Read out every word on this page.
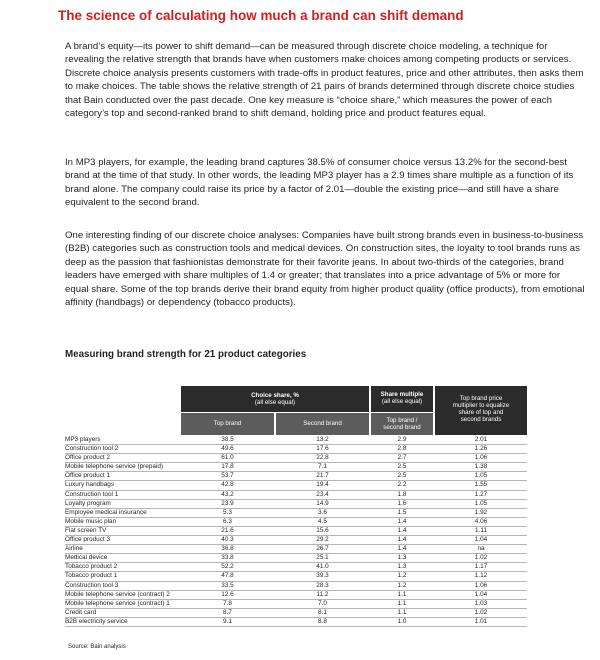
The science of calculating how much a brand can shift demand

A brand’s equity—its power to shift demand—can be measured through discrete choice modeling, a technique for revealing the relative strength that brands have when customers make choices among competing products or services. Discrete choice analysis presents customers with trade-offs in product features, price and other attributes, then asks them to make choices. The table shows the relative strength of 21 pairs of brands determined through discrete choice studies that Bain conducted over the past decade. One key measure is “choice share,” which measures the power of each category’s top and second-ranked brand to shift demand, holding price and product features equal.

In MP3 players, for example, the leading brand captures 38.5% of consumer choice versus 13.2% for the second-best brand at the time of that study. In other words, the leading MP3 player has a 2.9 times share multiple as a function of its brand alone. The company could raise its price by a factor of 2.01—double the existing price—and still have a share equivalent to the second brand.

One interesting finding of our discrete choice analyses: Companies have built strong brands even in business-to-business (B2B) categories such as construction tools and medical devices. On construction sites, the loyalty to tool brands runs as deep as the passion that fashionistas demonstrate for their favorite jeans. In about two-thirds of the categories, brand leaders have emerged with share multiples of 1.4 or greater; that translates into a price advantage of 5% or more for equal share. Some of the top brands derive their brand equity from higher product quality (office products), from emotional affinity (handbags) or dependency (tobacco products).

Measuring brand strength for 21 product categories
Choice share, %
(all else equal)
Top brand	Second brand
Share multiple
(all else equal)
Top brand /
second brand
Top brand price
multiplier to equalize
share of top and
second brands
MP3 players	38.5	13.2	2.9	2.01
Construction tool 2	49.6	17.6	2.8	1.26
Office product 2	61.0	22.8	2.7	1.06
Mobile telephone service (prepaid)	17.8	7.1	2.5	1.38
Office product 1	53.7	21.7	2.5	1.05
Luxury handbags	42.8	19.4	2.2	1.55
Construction tool 1	43.2	23.4	1.8	1.27
Loyalty program	23.9	14.9	1.6	1.05
Employee medical insurance	5.3	3.6	1.5	1.92
Mobile music plan	6.3	4.5	1.4	4.06
Flat screen TV	21.6	15.6	1.4	1.11
Office product 3	40.3	29.2	1.4	1.04
Airline	36.8	26.7	1.4	na
Medical device	33.8	25.1	1.3	1.02
Tobacco product 2	52.2	41.0	1.3	1.17
Tobacco product 1	47.8	39.3	1.2	1.12
Construction tool 3	33.5	28.3	1.2	1.06
Mobile telephone service (contract) 2	12.6	11.2	1.1	1.04
Mobile telephone service (contract) 1	7.8	7.0	1.1	1.03
Credit card	8.7	8.1	1.1	1.02
B2B electricity service	9.1	8.8	1.0	1.01
Source: Bain analysis
